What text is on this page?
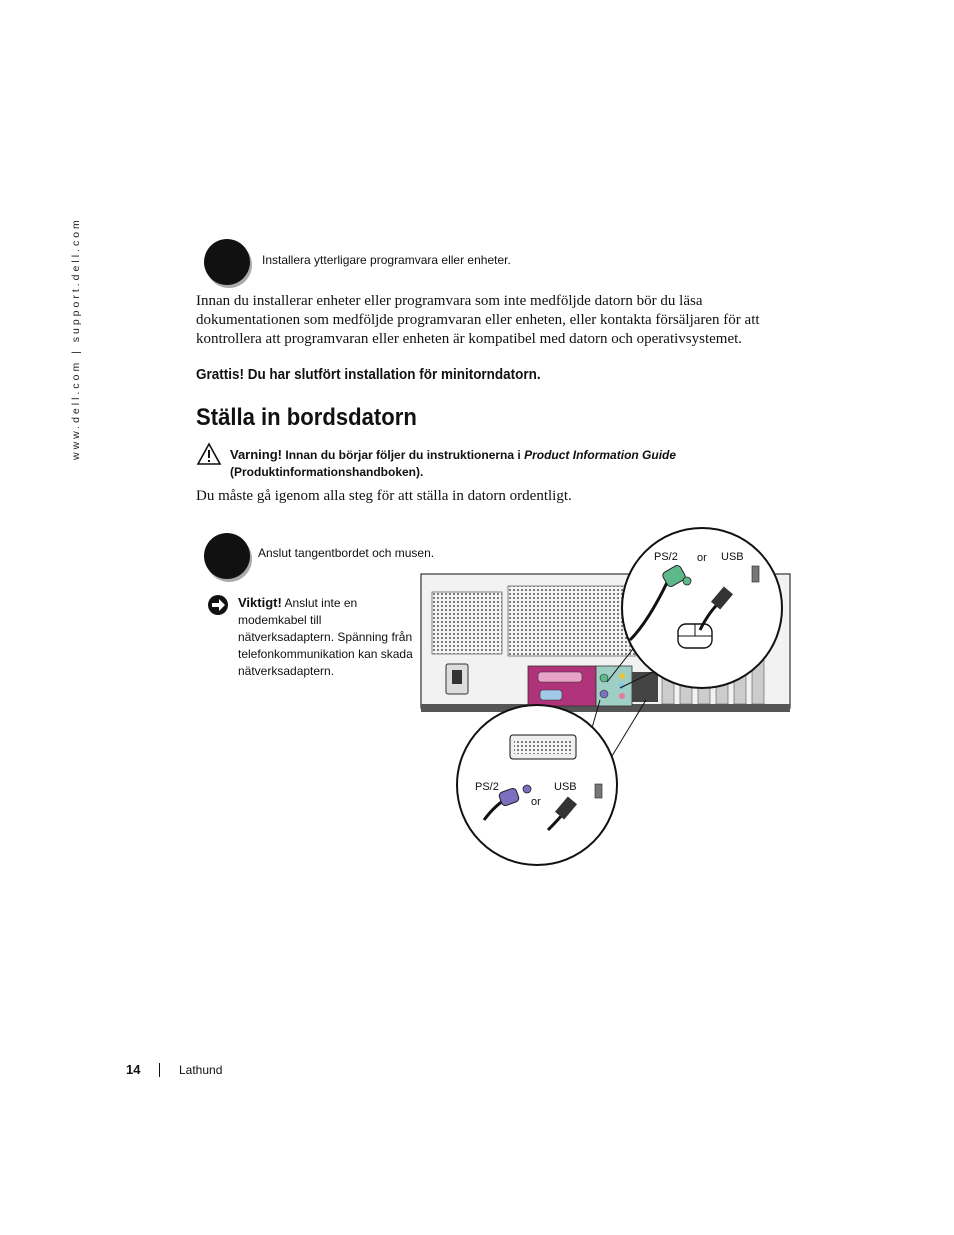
www.dell.com | support.dell.com	Installera ytterligare programvara eller enheter.
Innan du installerar enheter eller programvara som inte medföljde datorn bör du läsa dokumentationen som medföljde programvaran eller enheten, eller kontakta försäljaren för att kontrollera att programvaran eller enheten är kompatibel med datorn och operativsystemet.
Grattis! Du har slutfört installation för minitorndatorn.
Ställa in bordsdatorn
Varning! Innan du börjar följer du instruktionerna i Product Information Guide
(Produktinformationshandboken).
Du måste gå igenom alla steg för att ställa in datorn ordentligt.
Anslut tangentbordet och musen.
Viktigt! Anslut inte en modemkabel till nätverksadaptern. Spänning från telefonkommunikation kan skada nätverksadaptern.
PS/2 or USB
PS/2
or
USB
14	Lathund
